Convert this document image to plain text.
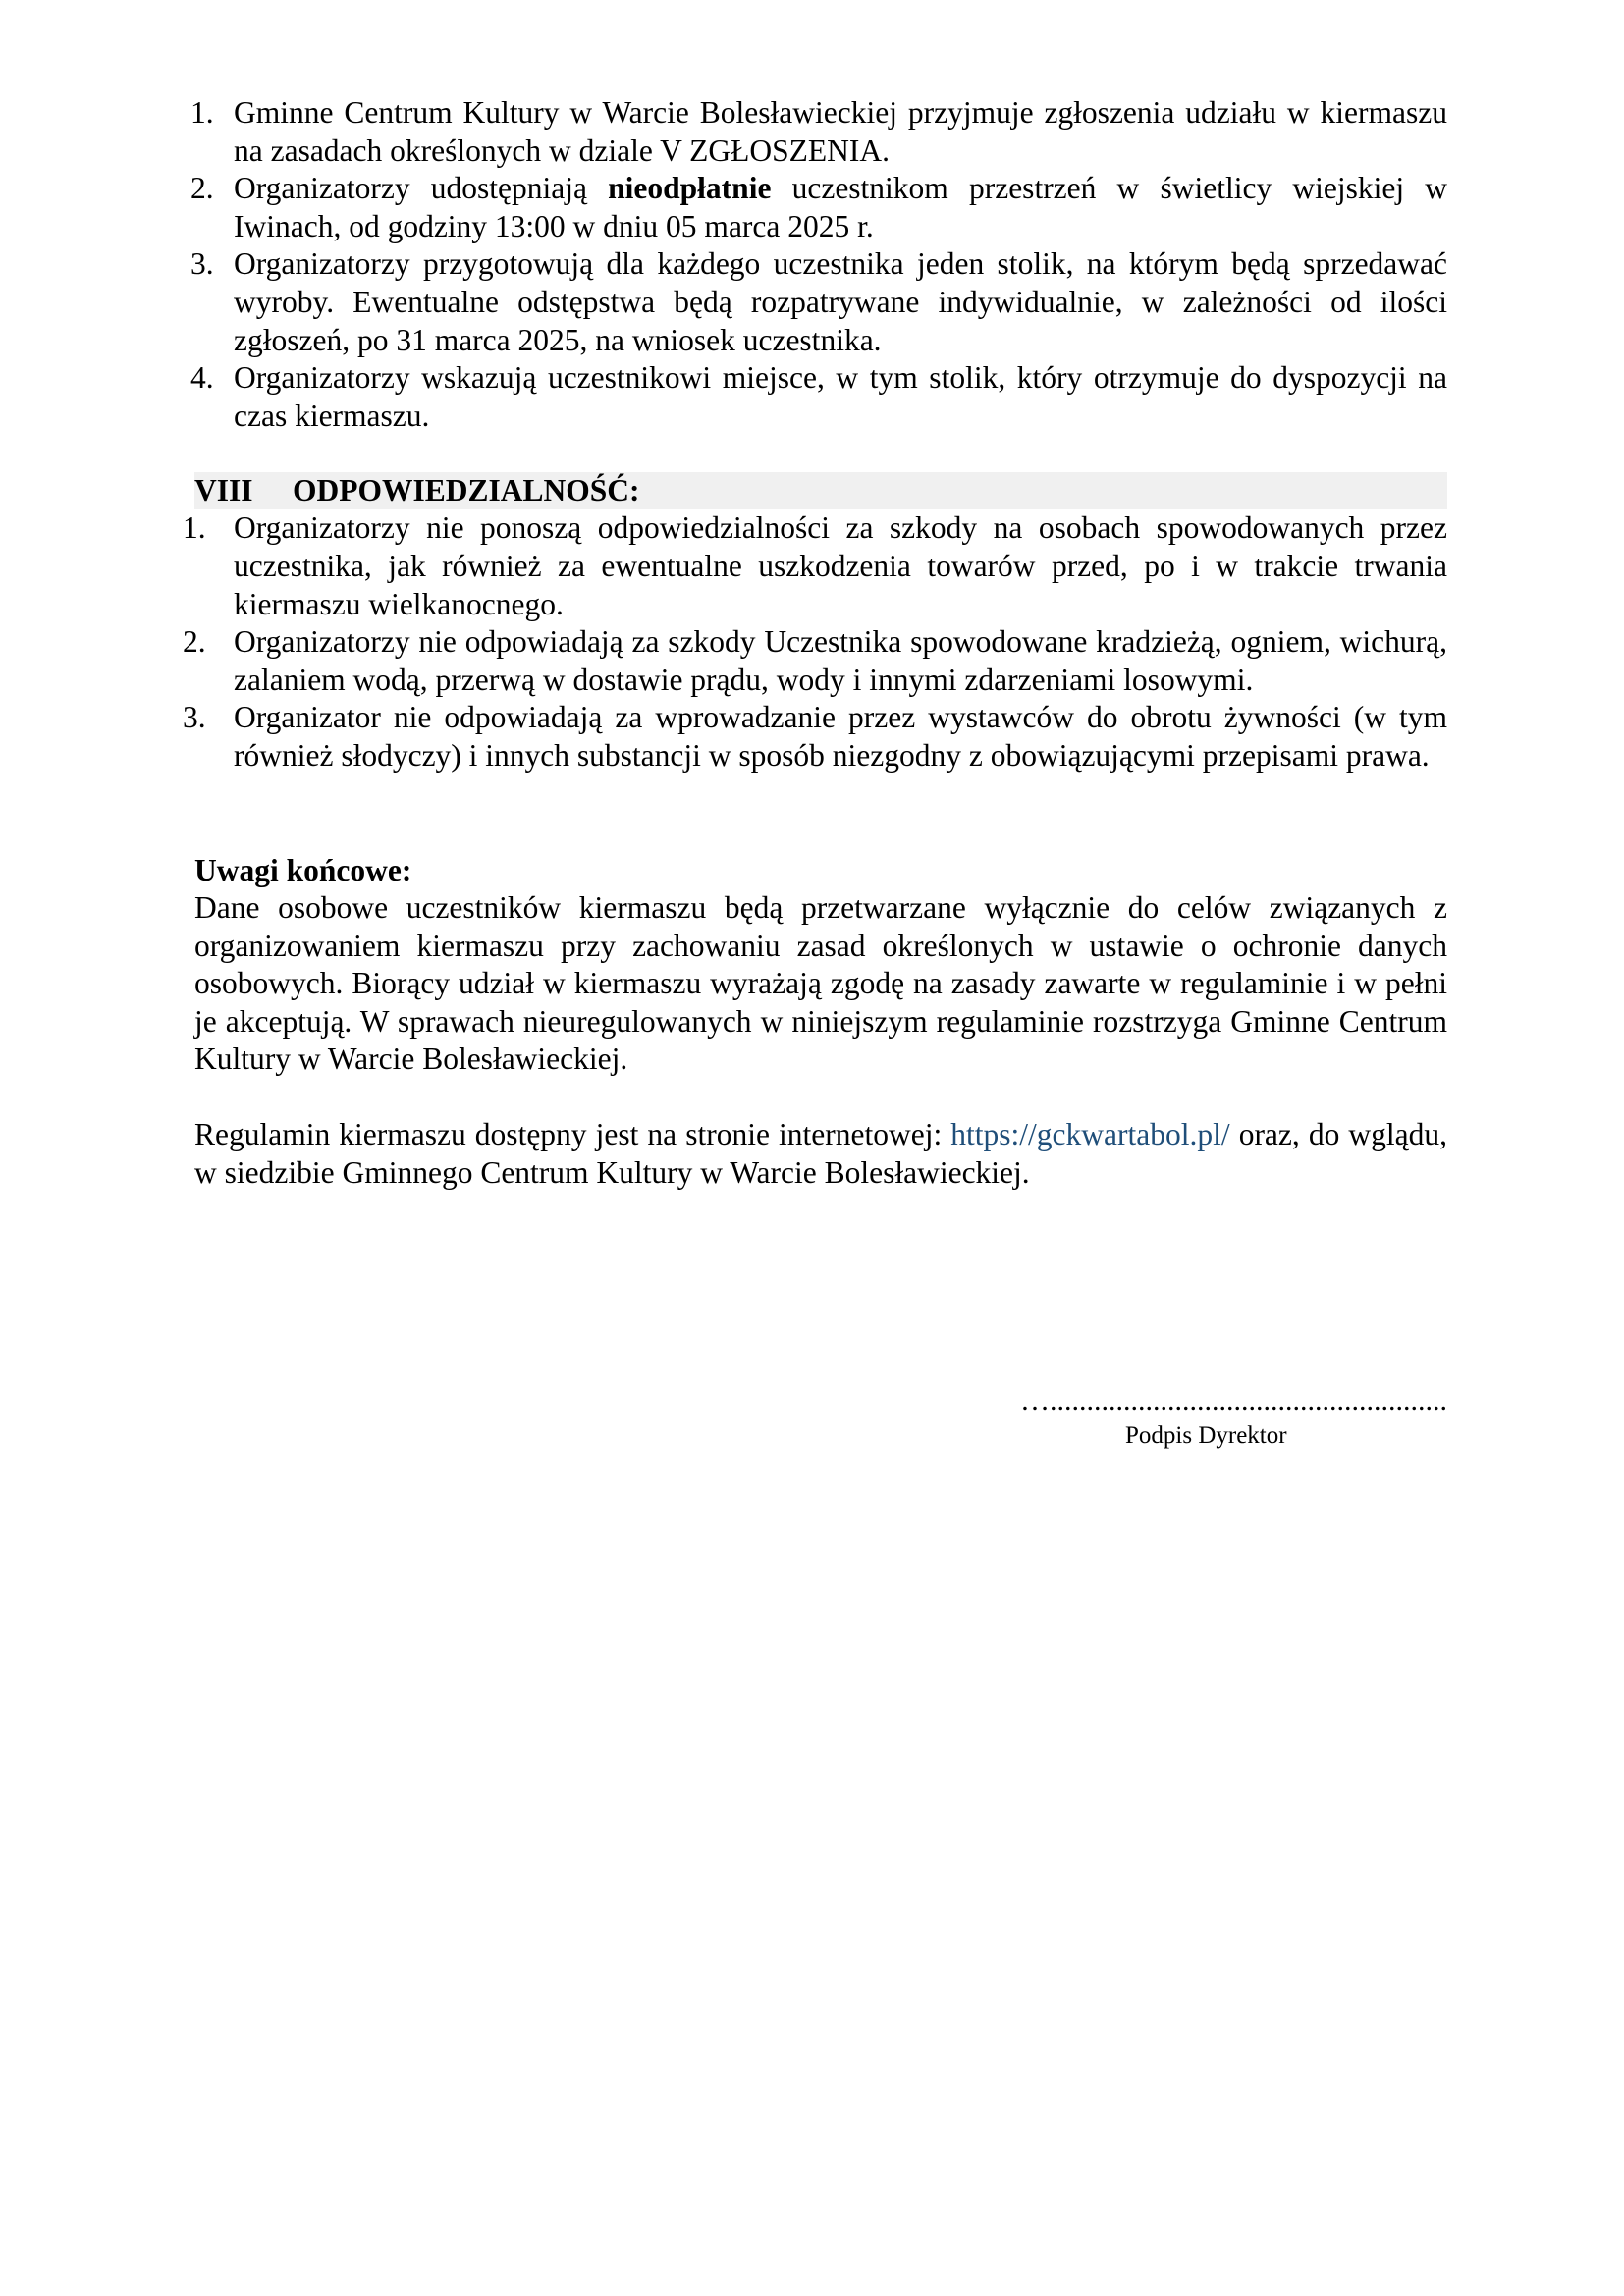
1. Gminne Centrum Kultury w Warcie Bolesławieckiej przyjmuje zgłoszenia udziału w kiermaszu na zasadach określonych w dziale V ZGŁOSZENIA.
2. Organizatorzy udostępniają nieodpłatnie uczestnikom przestrzeń w świetlicy wiejskiej w Iwinach, od godziny 13:00 w dniu 05 marca 2025 r.
3. Organizatorzy przygotowują dla każdego uczestnika jeden stolik, na którym będą sprzedawać wyroby. Ewentualne odstępstwa będą rozpatrywane indywidualnie, w zależności od ilości zgłoszeń, po 31 marca 2025, na wniosek uczestnika.
4. Organizatorzy wskazują uczestnikowi miejsce, w tym stolik, który otrzymuje do dyspozycji na czas kiermaszu.
VIII ODPOWIEDZIALNOŚĆ:
1. Organizatorzy nie ponoszą odpowiedzialności za szkody na osobach spowodowanych przez uczestnika, jak również za ewentualne uszkodzenia towarów przed, po i w trakcie trwania kiermaszu wielkanocnego.
2. Organizatorzy nie odpowiadają za szkody Uczestnika spowodowane kradzieżą, ogniem, wichurą, zalaniem wodą, przerwą w dostawie prądu, wody i innymi zdarzeniami losowymi.
3. Organizator nie odpowiadają za wprowadzanie przez wystawców do obrotu żywności (w tym również słodyczy) i innych substancji w sposób niezgodny z obowiązującymi przepisami prawa.
Uwagi końcowe:

Dane osobowe uczestników kiermaszu będą przetwarzane wyłącznie do celów związanych z organizowaniem kiermaszu przy zachowaniu zasad określonych w ustawie o ochronie danych osobowych. Biorący udział w kiermaszu wyrażają zgodę na zasady zawarte w regulaminie i w pełni je akceptują. W sprawach nieuregulowanych w niniejszym regulaminie rozstrzyga Gminne Centrum Kultury w Warcie Bolesławieckiej.

Regulamin kiermaszu dostępny jest na stronie internetowej: https://gckwartabol.pl/ oraz, do wglądu, w siedzibie Gminnego Centrum Kultury w Warcie Bolesławieckiej.

…......................................................
Podpis Dyrektor
